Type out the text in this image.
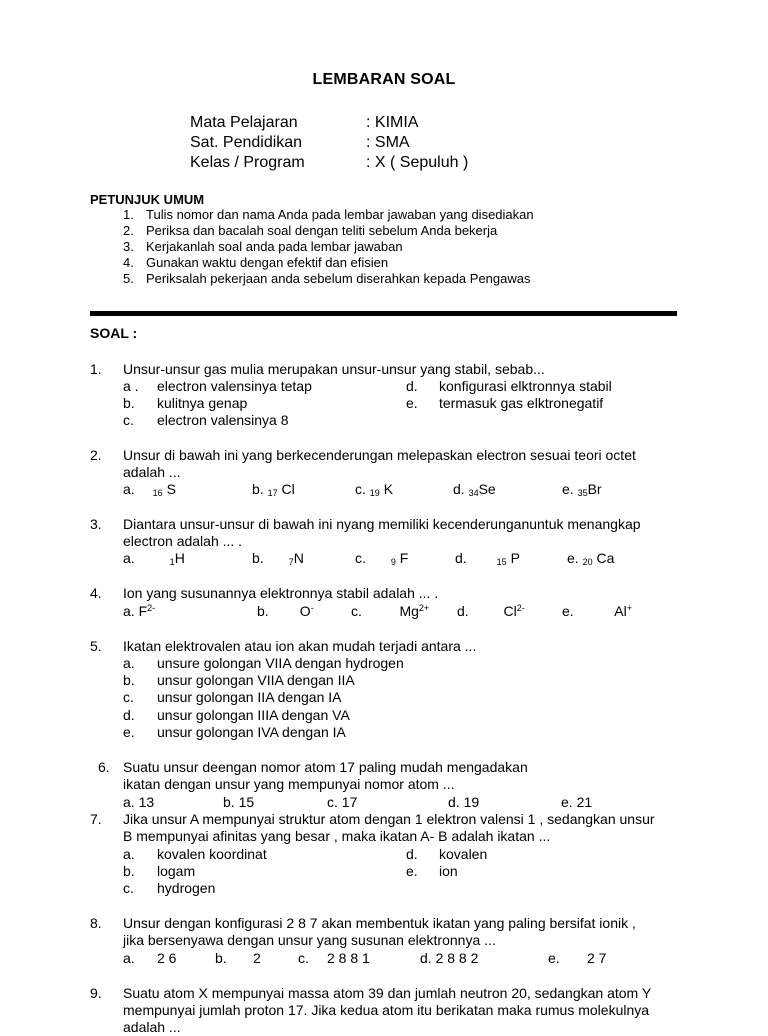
LEMBARAN SOAL
Mata Pelajaran	: KIMIA
Sat. Pendidikan	: SMA
Kelas / Program	: X ( Sepuluh )
PETUNJUK UMUM
1. Tulis nomor dan nama Anda pada lembar jawaban yang disediakan
2. Periksa dan bacalah soal dengan teliti sebelum Anda bekerja
3. Kerjakanlah soal anda pada lembar jawaban
4. Gunakan waktu dengan efektif dan efisien
5. Periksalah pekerjaan anda sebelum diserahkan kepada Pengawas
SOAL :
1. Unsur-unsur gas mulia merupakan unsur-unsur yang stabil, sebab...
a . electron valensinya tetap	d. konfigurasi elktronnya stabil
b. kulitnya genap	e. termasuk gas elktronegatif
c. electron valensinya 8
2. Unsur di bawah ini yang berkecenderungan melepaskan electron sesuai teori octet
adalah ...
a. $_{16}$ S	b. $_{17}$ Cl	c. $_{19}$ K	d. $_{34}$Se	e. $_{35}$Br
3. Diantara unsur-unsur di bawah ini nyang memiliki kecenderunganuntuk menangkap
electron adalah ... .
a.	$_1$H	b.	$_7$N	c.	$_9$ F	d.	$_{15}$ P	e. $_{20}$ Ca
4. Ion yang susunannya elektronnya stabil adalah ... .
a. $F^{2-}$	b. O-	c.	$Mg^{2+}$ d. $Cl^{2-}$	e.	Al+
5. Ikatan elektrovalen atau ion akan mudah terjadi antara ...
a. unsure golongan VIIA dengan hydrogen
b. unsur golongan VIIA dengan IIA
c. unsur golongan IIA dengan IA
d. unsur golongan IIIA dengan VA
e. unsur golongan IVA dengan IA
6. Suatu unsur deengan nomor atom 17 paling mudah mengadakan
ikatan dengan unsur yang mempunyai nomor atom ...
a. 13	b. 15	c. 17	d. 19	e. 21
7. Jika unsur A mempunyai struktur atom dengan 1 elektron valensi 1 , sedangkan unsur
B mempunyai afinitas yang besar , maka ikatan A- B adalah ikatan ...
a. kovalen koordinat	d. kovalen
b. logam	e. ion
c. hydrogen
8. Unsur dengan konfigurasi 2 8 7 akan membentuk ikatan yang paling bersifat ionik ,
jika bersenyawa dengan unsur yang susunan elektronnya ...
a. 2 6	b. 2	c. 2 8 8 1	d. 2 8 8 2	e. 2 7
9. Suatu atom X mempunyai massa atom 39 dan jumlah neutron 20, sedangkan atom Y
mempunyai jumlah proton 17. Jika kedua atom itu berikatan maka rumus molekulnya
adalah ...
